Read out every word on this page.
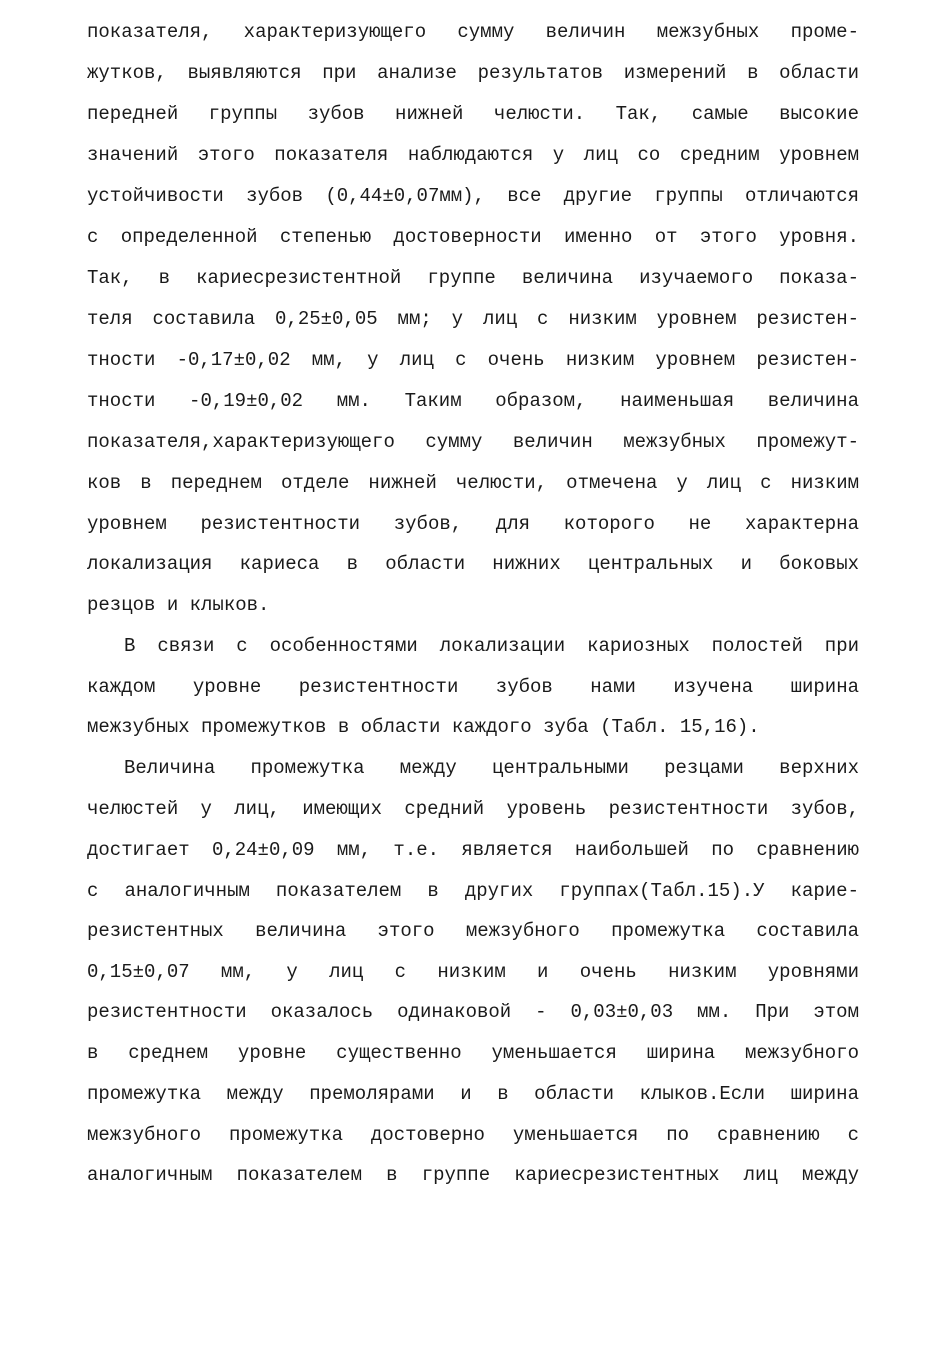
показателя, характеризующего сумму величин межзубных проме-
жутков, выявляются при анализе результатов измерений в области
передней группы зубов нижней челюсти. Так, самые высокие
значений этого показателя наблюдаются у лиц со средним уровнем
устойчивости зубов (0,44±0,07мм), все другие группы отличаются
с определенной степенью достоверности именно от этого уровня.
Так, в кариесрезистентной группе величина изучаемого показа-
теля составила 0,25±0,05 мм; у лиц с низким уровнем резистен-
тности -0,17±0,02 мм, у лиц с очень низким уровнем резистен-
тности -0,19±0,02 мм. Таким образом, наименьшая величина
показателя,характеризующего сумму величин межзубных промежут-
ков в переднем отделе нижней челюсти, отмечена у лиц с низким
уровнем резистентности зубов, для которого не характерна
локализация кариеса в области нижних центральных и боковых
резцов и клыков.
В связи с особенностями локализации кариозных полостей при
каждом уровне резистентности зубов нами изучена ширина
межзубных промежутков в области каждого зуба (Табл. 15,16).
Величина промежутка между центральными резцами верхних
челюстей у лиц, имеющих средний уровень резистентности зубов,
достигает 0,24±0,09 мм, т.е. является наибольшей по сравнению
с аналогичным показателем в других группах(Табл.15).У карие-
резистентных величина этого межзубного промежутка составила
0,15±0,07 мм, у лиц с низким и очень низким уровнями
резистентности оказалось одинаковой - 0,03±0,03 мм. При этом
в среднем уровне существенно уменьшается ширина межзубного
промежутка между премолярами и в области клыков.Если ширина
межзубного промежутка достоверно уменьшается по сравнению с
аналогичным показателем в группе кариесрезистентных лиц между
